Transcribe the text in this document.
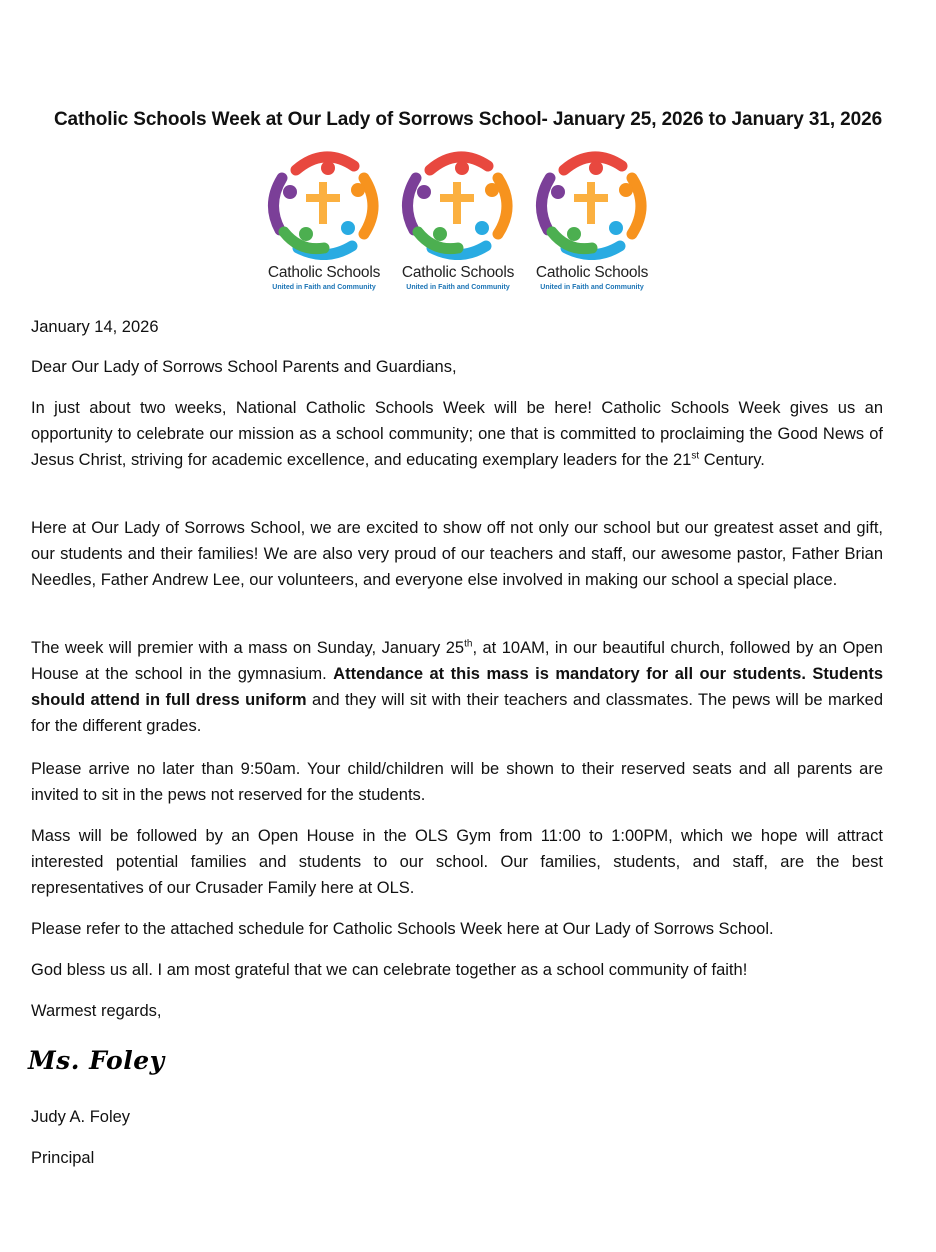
Catholic Schools Week at Our Lady of Sorrows School- January 25, 2026 to January 31, 2026
Catholic Schools
United in Faith and Community
Catholic Schools
United in Faith and Community
Catholic Schools
United in Faith and Community
January 14, 2026
Dear Our Lady of Sorrows School Parents and Guardians,
In just about two weeks, National Catholic Schools Week will be here! Catholic Schools Week gives us an opportunity to celebrate our mission as a school community; one that is committed to proclaiming the Good News of Jesus Christ, striving for academic excellence, and educating exemplary leaders for the 21st Century.
Here at Our Lady of Sorrows School, we are excited to show off not only our school but our greatest asset and gift, our students and their families! We are also very proud of our teachers and staff, our awesome pastor, Father Brian Needles, Father Andrew Lee, our volunteers, and everyone else involved in making our school a special place.
The week will premier with a mass on Sunday, January 25th, at 10AM, in our beautiful church, followed by an Open House at the school in the gymnasium. Attendance at this mass is mandatory for all our students. Students should attend in full dress uniform and they will sit with their teachers and classmates. The pews will be marked for the different grades.
Please arrive no later than 9:50am. Your child/children will be shown to their reserved seats and all parents are invited to sit in the pews not reserved for the students.
Mass will be followed by an Open House in the OLS Gym from 11:00 to 1:00PM, which we hope will attract interested potential families and students to our school. Our families, students, and staff, are the best representatives of our Crusader Family here at OLS.
Please refer to the attached schedule for Catholic Schools Week here at Our Lady of Sorrows School.
God bless us all. I am most grateful that we can celebrate together as a school community of faith!
Warmest regards,
Ms. Foley
Judy A. Foley
Principal
